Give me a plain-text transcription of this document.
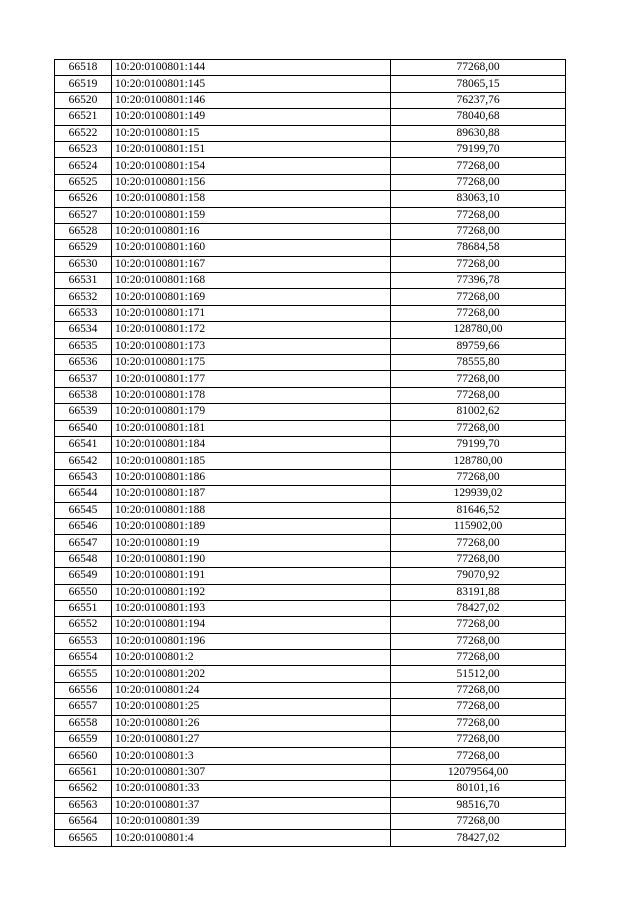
66518	10:20:0100801:144	77268,00
66519	10:20:0100801:145	78065,15
66520	10:20:0100801:146	76237,76
66521	10:20:0100801:149	78040,68
66522	10:20:0100801:15	89630,88
66523	10:20:0100801:151	79199,70
66524	10:20:0100801:154	77268,00
66525	10:20:0100801:156	77268,00
66526	10:20:0100801:158	83063,10
66527	10:20:0100801:159	77268,00
66528	10:20:0100801:16	77268,00
66529	10:20:0100801:160	78684,58
66530	10:20:0100801:167	77268,00
66531	10:20:0100801:168	77396,78
66532	10:20:0100801:169	77268,00
66533	10:20:0100801:171	77268,00
66534	10:20:0100801:172	128780,00
66535	10:20:0100801:173	89759,66
66536	10:20:0100801:175	78555,80
66537	10:20:0100801:177	77268,00
66538	10:20:0100801:178	77268,00
66539	10:20:0100801:179	81002,62
66540	10:20:0100801:181	77268,00
66541	10:20:0100801:184	79199,70
66542	10:20:0100801:185	128780,00
66543	10:20:0100801:186	77268,00
66544	10:20:0100801:187	129939,02
66545	10:20:0100801:188	81646,52
66546	10:20:0100801:189	115902,00
66547	10:20:0100801:19	77268,00
66548	10:20:0100801:190	77268,00
66549	10:20:0100801:191	79070,92
66550	10:20:0100801:192	83191,88
66551	10:20:0100801:193	78427,02
66552	10:20:0100801:194	77268,00
66553	10:20:0100801:196	77268,00
66554	10:20:0100801:2	77268,00
66555	10:20:0100801:202	51512,00
66556	10:20:0100801:24	77268,00
66557	10:20:0100801:25	77268,00
66558	10:20:0100801:26	77268,00
66559	10:20:0100801:27	77268,00
66560	10:20:0100801:3	77268,00
66561	10:20:0100801:307	12079564,00
66562	10:20:0100801:33	80101,16
66563	10:20:0100801:37	98516,70
66564	10:20:0100801:39	77268,00
66565	10:20:0100801:4	78427,02
